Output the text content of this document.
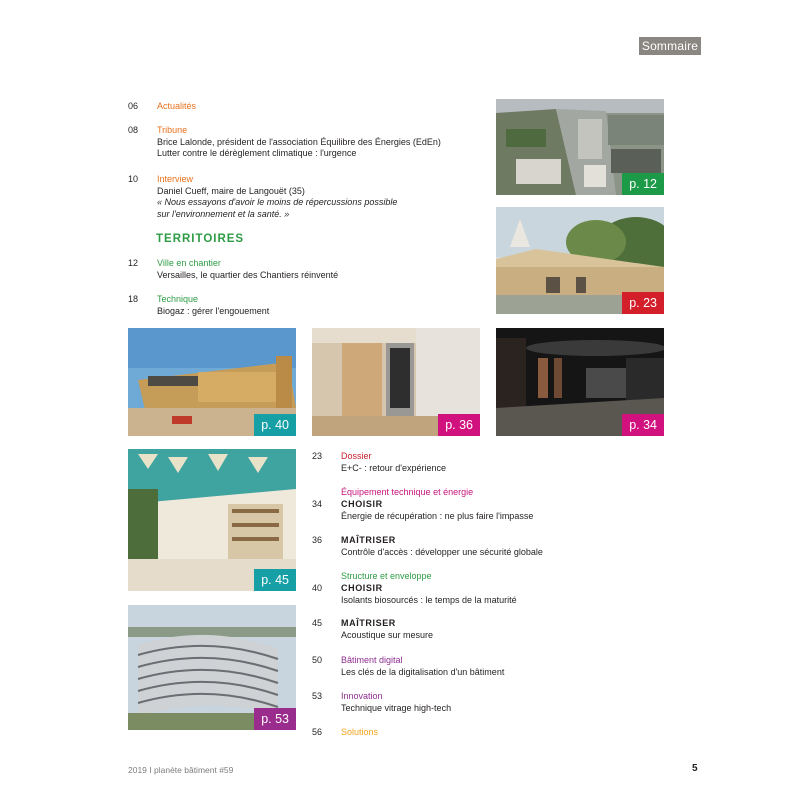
Sommaire
06 Actualités
08 Tribune
Brice Lalonde, président de l'association Équilibre des Énergies (EdEn)
Lutter contre le dérèglement climatique : l'urgence
10 Interview
Daniel Cueff, maire de Langouët (35)
« Nous essayons d'avoir le moins de répercussions possible
sur l'environnement et la santé. »
TERRITOIRES
12 Ville en chantier
Versailles, le quartier des Chantiers réinventé
18 Technique
Biogaz : gérer l'engouement
p. 12
p. 23
p. 40	p. 36	p. 34
p. 45
p. 53
23 Dossier
E+C- : retour d'expérience
Équipement technique et énergie
34 CHOISIR
Énergie de récupération : ne plus faire l'impasse
36 MAÎTRISER
Contrôle d'accès : développer une sécurité globale
Structure et enveloppe
40 CHOISIR
Isolants biosourcés : le temps de la maturité
45 MAÎTRISER
Acoustique sur mesure
50 Bâtiment digital
Les clés de la digitalisation d'un bâtiment
53 Innovation
Technique vitrage high-tech
56 Solutions
2019 I planète bâtiment #59	5
